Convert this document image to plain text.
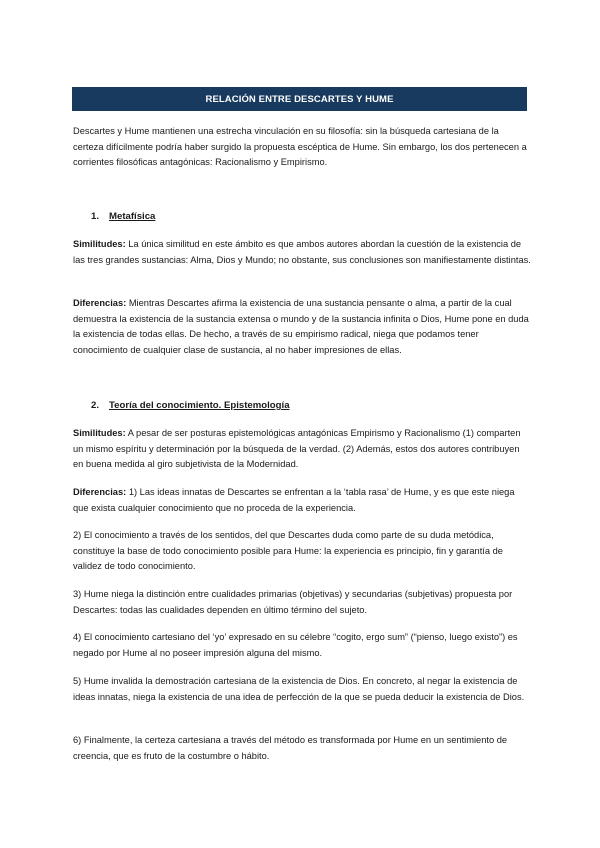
RELACIÓN ENTRE DESCARTES Y HUME

Descartes y Hume mantienen una estrecha vinculación en su filosofía: sin la búsqueda cartesiana de la certeza difícilmente podría haber surgido la propuesta escéptica de Hume. Sin embargo, los dos pertenecen a corrientes filosóficas antagónicas: Racionalismo y Empirismo.

1. Metafísica

Similitudes: La única similitud en este ámbito es que ambos autores abordan la cuestión de la existencia de las tres grandes sustancias: Alma, Dios y Mundo; no obstante, sus conclusiones son manifiestamente distintas.

Diferencias: Mientras Descartes afirma la existencia de una sustancia pensante o alma, a partir de la cual demuestra la existencia de la sustancia extensa o mundo y de la sustancia infinita o Dios, Hume pone en duda la existencia de todas ellas. De hecho, a través de su empirismo radical, niega que podamos tener conocimiento de cualquier clase de sustancia, al no haber impresiones de ellas.

2. Teoría del conocimiento. Epistemología

Similitudes: A pesar de ser posturas epistemológicas antagónicas Empirismo y Racionalismo (1) comparten un mismo espíritu y determinación por la búsqueda de la verdad. (2) Además, estos dos autores contribuyen en buena medida al giro subjetivista de la Modernidad.

Diferencias: 1) Las ideas innatas de Descartes se enfrentan a la ‘tabla rasa’ de Hume, y es que este niega que exista cualquier conocimiento que no proceda de la experiencia.

2) El conocimiento a través de los sentidos, del que Descartes duda como parte de su duda metódica, constituye la base de todo conocimiento posible para Hume: la experiencia es principio, fin y garantía de validez de todo conocimiento.

3) Hume niega la distinción entre cualidades primarias (objetivas) y secundarias (subjetivas) propuesta por Descartes: todas las cualidades dependen en último término del sujeto.

4) El conocimiento cartesiano del ‘yo’ expresado en su célebre “cogito, ergo sum” (“pienso, luego existo”) es negado por Hume al no poseer impresión alguna del mismo.

5) Hume invalida la demostración cartesiana de la existencia de Dios. En concreto, al negar la existencia de ideas innatas, niega la existencia de una idea de perfección de la que se pueda deducir la existencia de Dios.

6) Finalmente, la certeza cartesiana a través del método es transformada por Hume en un sentimiento de creencia, que es fruto de la costumbre o hábito.
